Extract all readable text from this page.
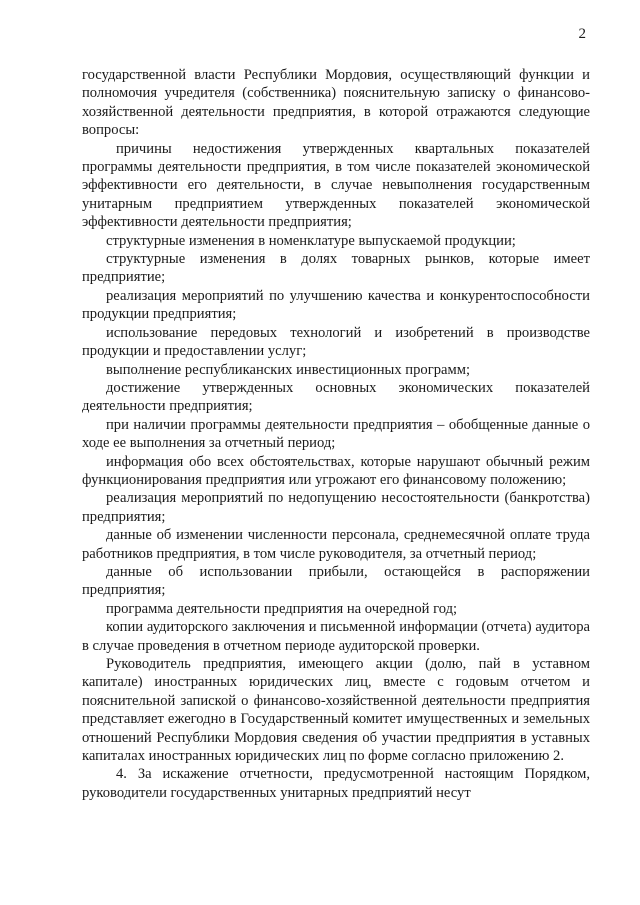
2

государственной власти Республики Мордовия, осуществляющий функции и полномочия учредителя (собственника) пояснительную записку о финансово-хозяйственной деятельности предприятия, в которой отражаются следующие вопросы:

причины недостижения утвержденных квартальных показателей программы деятельности предприятия, в том числе показателей экономической эффективности его деятельности, в случае невыполнения государственным унитарным предприятием утвержденных показателей экономической эффективности деятельности предприятия;

структурные изменения в номенклатуре выпускаемой продукции;

структурные изменения в долях товарных рынков, которые имеет предприятие;

реализация мероприятий по улучшению качества и конкурентоспособности продукции предприятия;

использование передовых технологий и изобретений в производстве продукции и предоставлении услуг;

выполнение республиканских инвестиционных программ;

достижение утвержденных основных экономических показателей деятельности предприятия;

при наличии программы деятельности предприятия – обобщенные данные о ходе ее выполнения за отчетный период;

информация обо всех обстоятельствах, которые нарушают обычный режим функционирования предприятия или угрожают его финансовому положению;

реализация мероприятий по недопущению несостоятельности (банкротства) предприятия;

данные об изменении численности персонала, среднемесячной оплате труда работников предприятия, в том числе руководителя, за отчетный период;

данные об использовании прибыли, остающейся в распоряжении предприятия;

программа деятельности предприятия на очередной год;

копии аудиторского заключения и письменной информации (отчета) аудитора в случае проведения в отчетном периоде аудиторской проверки.

Руководитель предприятия, имеющего акции (долю, пай в уставном капитале) иностранных юридических лиц, вместе с годовым отчетом и пояснительной запиской о финансово-хозяйственной деятельности предприятия представляет ежегодно в Государственный комитет имущественных и земельных отношений Республики Мордовия сведения об участии предприятия в уставных капиталах иностранных юридических лиц по форме согласно приложению 2.

4. За искажение отчетности, предусмотренной настоящим Порядком, руководители государственных унитарных предприятий несут
